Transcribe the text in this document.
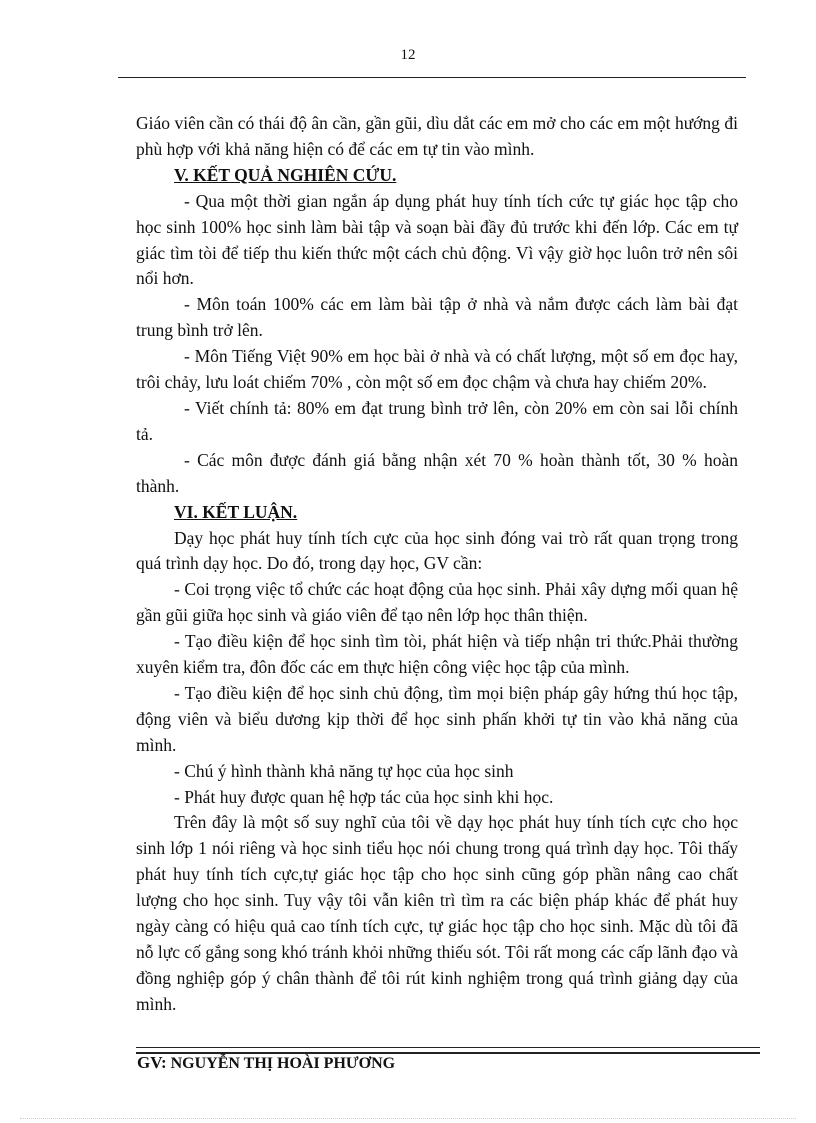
12

Giáo viên cần có thái độ ân cần, gần gũi, dìu dắt các em mở cho các em một hướng đi phù hợp với khả năng hiện có để các em tự tin vào mình.

V. KẾT QUẢ NGHIÊN CỨU.

- Qua một thời gian ngắn áp dụng phát huy tính tích cức tự giác học tập cho học sinh 100% học sinh làm bài tập và soạn bài đầy đủ trước khi đến lớp. Các em tự giác tìm tòi để tiếp thu kiến thức một cách chủ động. Vì vậy giờ học luôn trở nên sôi nổi hơn.

- Môn toán 100% các em làm bài tập ở nhà và nắm được cách làm bài đạt trung bình trở lên.

- Môn Tiếng Việt 90% em học bài ở nhà và có chất lượng, một số em đọc hay, trôi chảy, lưu loát chiếm 70% , còn một số em đọc chậm và chưa hay chiếm 20%.

- Viết chính tả: 80% em đạt trung bình trở lên, còn 20% em còn sai lỗi chính tả.

- Các môn được đánh giá bằng nhận xét 70 % hoàn thành tốt, 30 % hoàn thành.

VI. KẾT LUẬN.

Dạy học phát huy tính tích cực của học sinh đóng vai trò rất quan trọng trong quá trình dạy học. Do đó, trong dạy học, GV cần:

- Coi trọng việc tổ chức các hoạt động của học sinh. Phải xây dựng mối quan hệ gần gũi giữa học sinh và giáo viên để tạo nên lớp học thân thiện.

- Tạo điều kiện để học sinh tìm tòi, phát hiện và tiếp nhận tri thức.Phải thường xuyên kiểm tra, đôn đốc các em thực hiện công việc học tập của mình.

- Tạo điều kiện để học sinh chủ động, tìm mọi biện pháp gây hứng thú học tập, động viên và biểu dương kịp thời để học sinh phấn khởi tự tin vào khả năng của mình.

- Chú ý hình thành khả năng tự học của học sinh

- Phát huy được quan hệ hợp tác của học sinh khi học.

Trên đây là một số suy nghĩ của tôi về dạy học phát huy tính tích cực cho học sinh lớp 1 nói riêng và học sinh tiểu học nói chung trong quá trình dạy học. Tôi thấy phát huy tính tích cực,tự giác học tập cho học sinh cũng góp phần nâng cao chất lượng cho học sinh. Tuy vậy tôi vẫn kiên trì tìm ra các biện pháp khác để phát huy ngày càng có hiệu quả cao tính tích cực, tự giác học tập cho học sinh. Mặc dù tôi đã nỗ lực cố gắng song khó tránh khỏi những thiếu sót. Tôi rất mong các cấp lãnh đạo và đồng nghiệp góp ý chân thành để tôi rút kinh nghiệm trong quá trình giảng dạy của mình.

GV: NGUYỄN THỊ HOÀI PHƯƠNG
